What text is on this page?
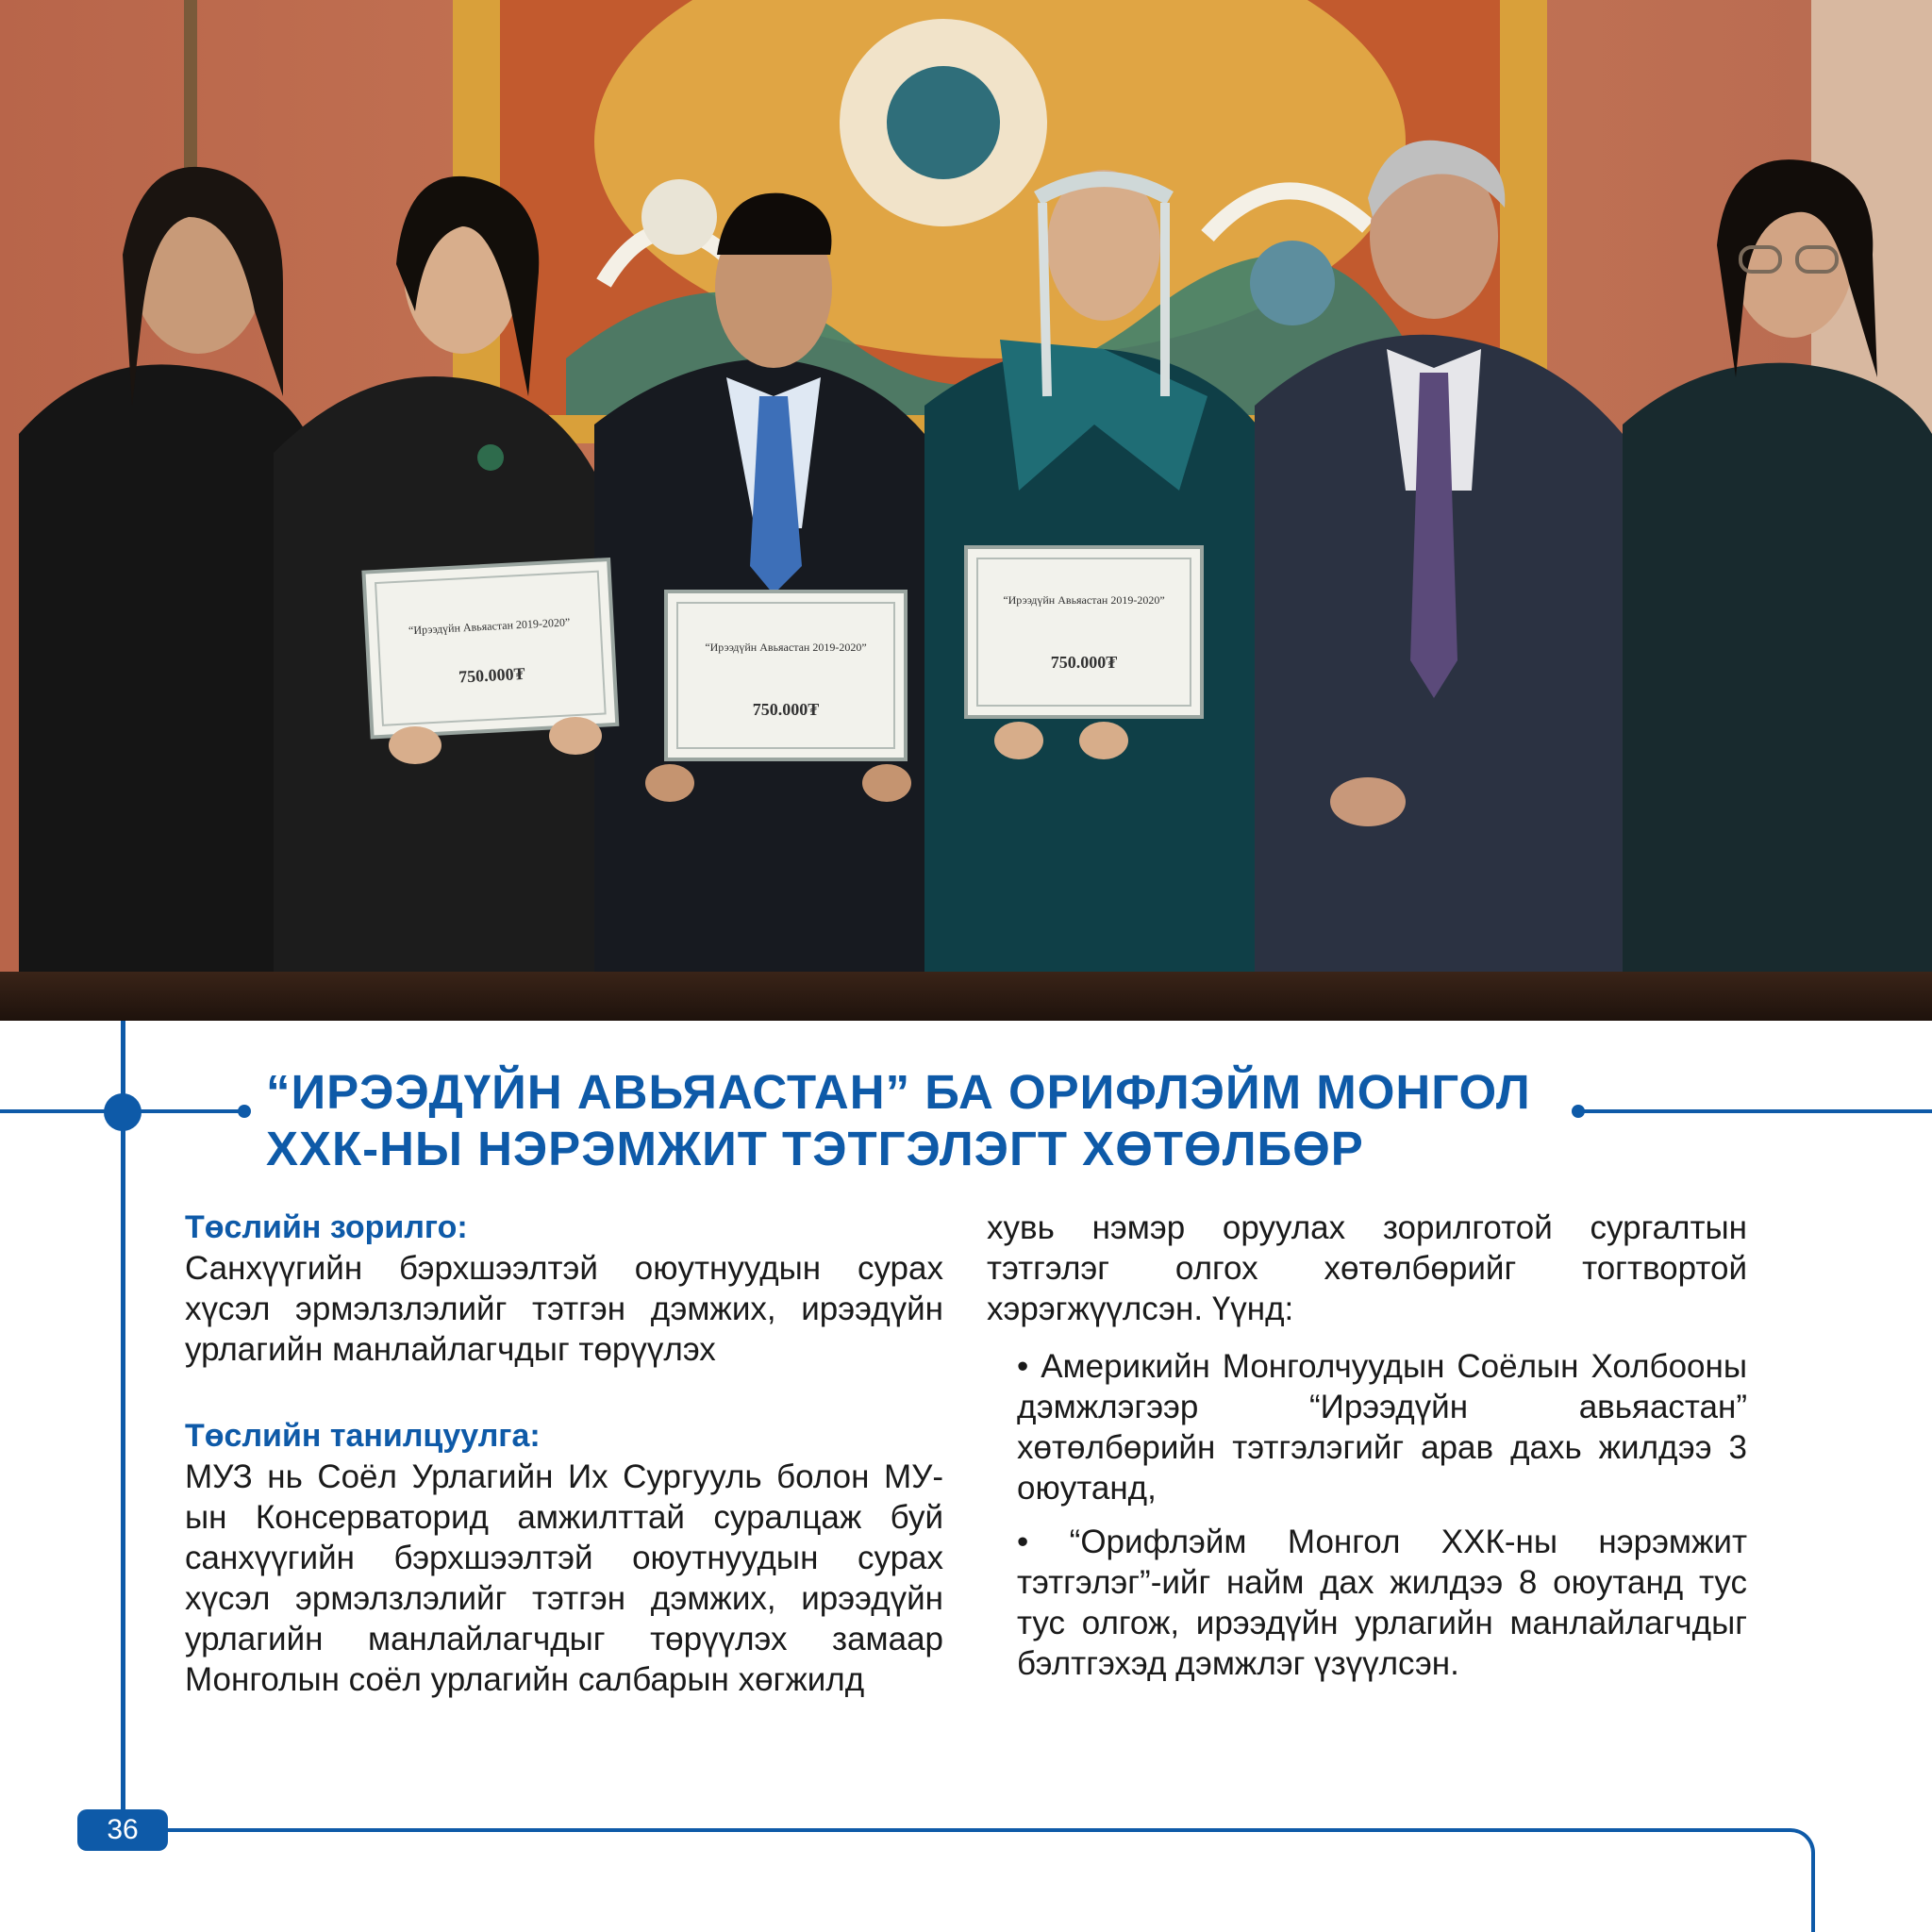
“Ирээдүйн Авьяастан 2019-2020”
750.000₮
“Ирээдүйн Авьяастан 2019-2020”
750.000₮
“Ирээдүйн Авьяастан 2019-2020”
750.000₮
“ИРЭЭДҮЙН АВЬЯАСТАН” БА ОРИФЛЭЙМ МОНГОЛ
ХХК-НЫ НЭРЭМЖИТ ТЭТГЭЛЭГТ ХӨТӨЛБӨР

Төслийн зорилго:

Санхүүгийн бэрхшээлтэй оюутнуудын сурах хүсэл эрмэлзлэлийг тэтгэн дэмжих, ирээдүйн урлагийн манлайлагчдыг төрүүлэх

Төслийн танилцуулга:

МУЗ нь Соёл Урлагийн Их Сургууль болон МУ-ын Консерваторид амжилттай суралцаж буй санхүүгийн бэрхшээлтэй оюутнуудын сурах хүсэл эрмэлзлэлийг тэтгэн дэмжих, ирээдүйн урлагийн манлайлагчдыг төрүүлэх замаар Монголын соёл урлагийн салбарын хөгжилд

хувь нэмэр оруулах зорилготой сургалтын тэтгэлэг олгох хөтөлбөрийг тогтвортой хэрэгжүүлсэн. Үүнд:

• Америкийн Монголчуудын Соёлын Холбооны дэмжлэгээр “Ирээдүйн авьяастан” хөтөлбөрийн тэтгэлэгийг арав дахь жилдээ 3 оюутанд,

• “Орифлэйм Монгол ХХК-ны нэрэмжит тэтгэлэг”-ийг найм дах жилдээ 8 оюутанд тус тус олгож, ирээдүйн урлагийн манлайлагчдыг бэлтгэхэд дэмжлэг үзүүлсэн.

36
